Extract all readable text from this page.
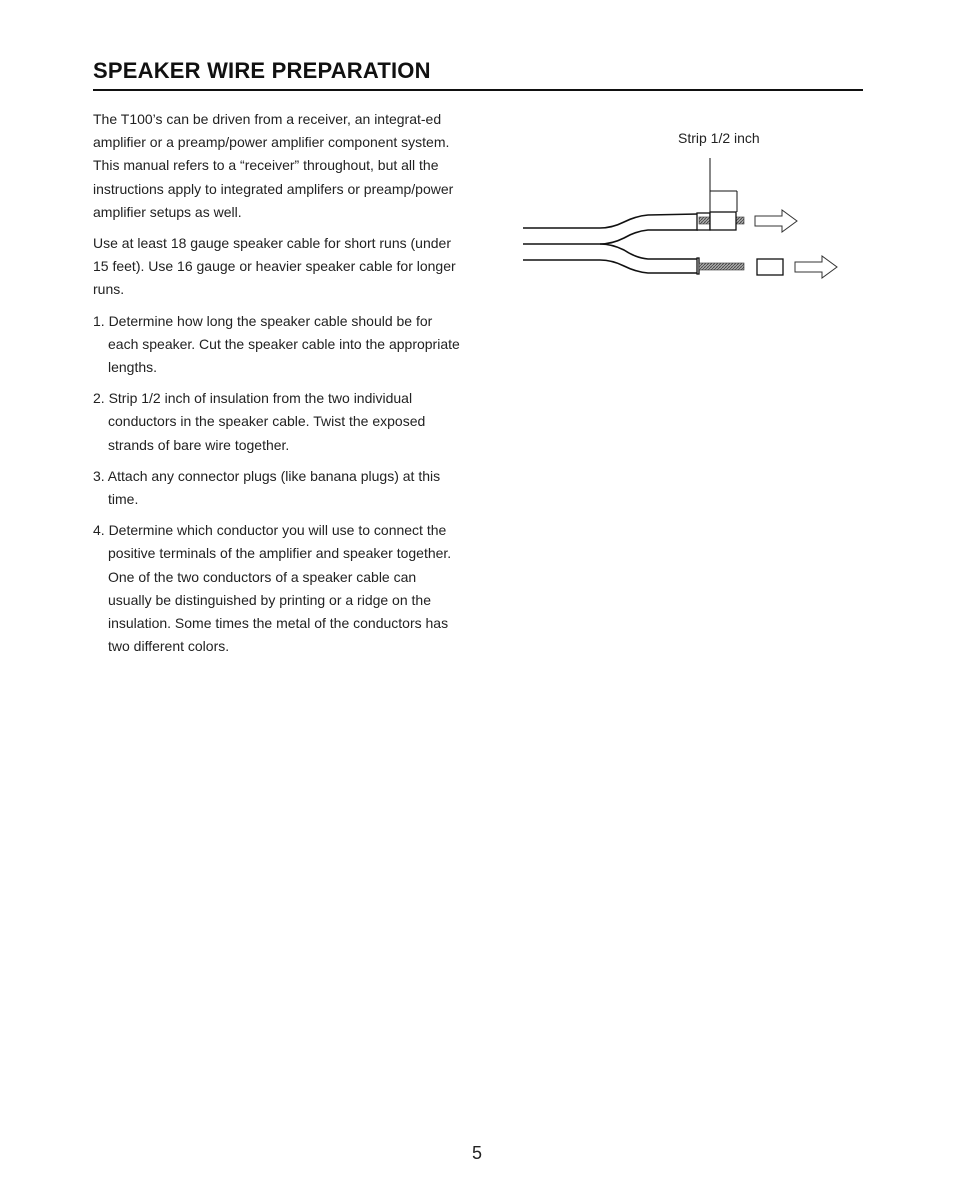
SPEAKER WIRE PREPARATION

The T100’s can be driven from a receiver, an integrat-ed amplifier or a preamp/power amplifier component system. This manual refers to a “receiver” throughout, but all the instructions apply to integrated amplifers or preamp/power amplifier setups as well.

Use at least 18 gauge speaker cable for short runs (under 15 feet). Use 16 gauge or heavier speaker cable for longer runs.

1. Determine how long the speaker cable should be for each speaker. Cut the speaker cable into the appropriate lengths.
2. Strip 1/2 inch of insulation from the two individual conductors in the speaker cable. Twist the exposed strands of bare wire together.
3. Attach any connector plugs (like banana plugs) at this time.
4. Determine which conductor you will use to connect the positive terminals of the amplifier and speaker together. One of the two conductors of a speaker cable can usually be distinguished by printing or a ridge on the insulation. Some times the metal of the conductors has two different colors.
Strip 1/2 inch
5
